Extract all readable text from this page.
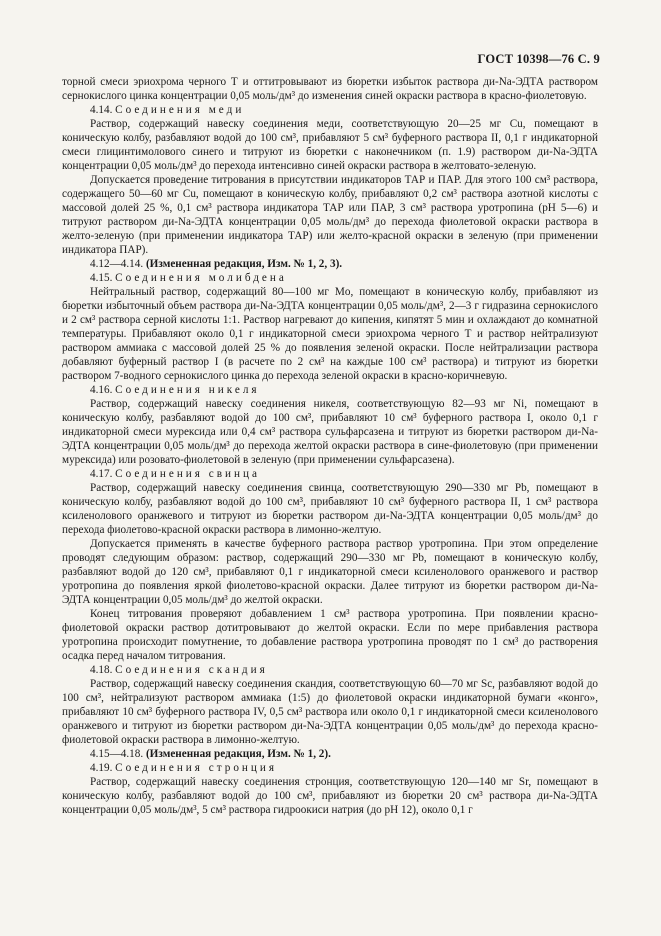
ГОСТ 10398—76 С. 9

торной смеси эриохрома черного Т и оттитровывают из бюретки избыток раствора ди-Na-ЭДТА раствором сернокислого цинка концентрации 0,05 моль/дм³ до изменения синей окраски раствора в красно-фиолетовую.

4.14. Соединения меди

Раствор, содержащий навеску соединения меди, соответствующую 20—25 мг Cu, помещают в коническую колбу, разбавляют водой до 100 см³, прибавляют 5 см³ буферного раствора II, 0,1 г индикаторной смеси глицинтимолового синего и титруют из бюретки с наконечником (п. 1.9) раствором ди-Na-ЭДТА концентрации 0,05 моль/дм³ до перехода интенсивно синей окраски раствора в желтовато-зеленую.

Допускается проведение титрования в присутствии индикаторов ТАР и ПАР. Для этого 100 см³ раствора, содержащего 50—60 мг Cu, помещают в коническую колбу, прибавляют 0,2 см³ раствора азотной кислоты с массовой долей 25 %, 0,1 см³ раствора индикатора ТАР или ПАР, 3 см³ раствора уротропина (pH 5—6) и титруют раствором ди-Na-ЭДТА концентрации 0,05 моль/дм³ до перехода фиолетовой окраски раствора в желто-зеленую (при применении индикатора ТАР) или желто-красной окраски в зеленую (при применении индикатора ПАР).

4.12—4.14. (Измененная редакция, Изм. № 1, 2, 3).

4.15. Соединения молибдена

Нейтральный раствор, содержащий 80—100 мг Mo, помещают в коническую колбу, прибавляют из бюретки избыточный объем раствора ди-Na-ЭДТА концентрации 0,05 моль/дм³, 2—3 г гидразина сернокислого и 2 см³ раствора серной кислоты 1:1. Раствор нагревают до кипения, кипятят 5 мин и охлаждают до комнатной температуры. Прибавляют около 0,1 г индикаторной смеси эриохрома черного Т и раствор нейтрализуют раствором аммиака с массовой долей 25 % до появления зеленой окраски. После нейтрализации раствора добавляют буферный раствор I (в расчете по 2 см³ на каждые 100 см³ раствора) и титруют из бюретки раствором 7-водного сернокислого цинка до перехода зеленой окраски в красно-коричневую.

4.16. Соединения никеля

Раствор, содержащий навеску соединения никеля, соответствующую 82—93 мг Ni, помещают в коническую колбу, разбавляют водой до 100 см³, прибавляют 10 см³ буферного раствора I, около 0,1 г индикаторной смеси мурексида или 0,4 см³ раствора сульфарсазена и титруют из бюретки раствором ди-Na-ЭДТА концентрации 0,05 моль/дм³ до перехода желтой окраски раствора в сине-фиолетовую (при применении мурексида) или розовато-фиолетовой в зеленую (при применении сульфарсазена).

4.17. Соединения свинца

Раствор, содержащий навеску соединения свинца, соответствующую 290—330 мг Pb, помещают в коническую колбу, разбавляют водой до 100 см³, прибавляют 10 см³ буферного раствора II, 1 см³ раствора ксиленолового оранжевого и титруют из бюретки раствором ди-Na-ЭДТА концентрации 0,05 моль/дм³ до перехода фиолетово-красной окраски раствора в лимонно-желтую.

Допускается применять в качестве буферного раствора раствор уротропина. При этом определение проводят следующим образом: раствор, содержащий 290—330 мг Pb, помещают в коническую колбу, разбавляют водой до 120 см³, прибавляют 0,1 г индикаторной смеси ксиленолового оранжевого и раствор уротропина до появления яркой фиолетово-красной окраски. Далее титруют из бюретки раствором ди-Na-ЭДТА концентрации 0,05 моль/дм³ до желтой окраски.

Конец титрования проверяют добавлением 1 см³ раствора уротропина. При появлении красно-фиолетовой окраски раствор дотитровывают до желтой окраски. Если по мере прибавления раствора уротропина происходит помутнение, то добавление раствора уротропина проводят по 1 см³ до растворения осадка перед началом титрования.

4.18. Соединения скандия

Раствор, содержащий навеску соединения скандия, соответствующую 60—70 мг Sc, разбавляют водой до 100 см³, нейтрализуют раствором аммиака (1:5) до фиолетовой окраски индикаторной бумаги «конго», прибавляют 10 см³ буферного раствора IV, 0,5 см³ раствора или около 0,1 г индикаторной смеси ксиленолового оранжевого и титруют из бюретки раствором ди-Na-ЭДТА концентрации 0,05 моль/дм³ до перехода красно-фиолетовой окраски раствора в лимонно-желтую.

4.15—4.18. (Измененная редакция, Изм. № 1, 2).

4.19. Соединения стронция

Раствор, содержащий навеску соединения стронция, соответствующую 120—140 мг Sr, помещают в коническую колбу, разбавляют водой до 100 см³, прибавляют из бюретки 20 см³ раствора ди-Na-ЭДТА концентрации 0,05 моль/дм³, 5 см³ раствора гидроокиси натрия (до pH 12), около 0,1 г
